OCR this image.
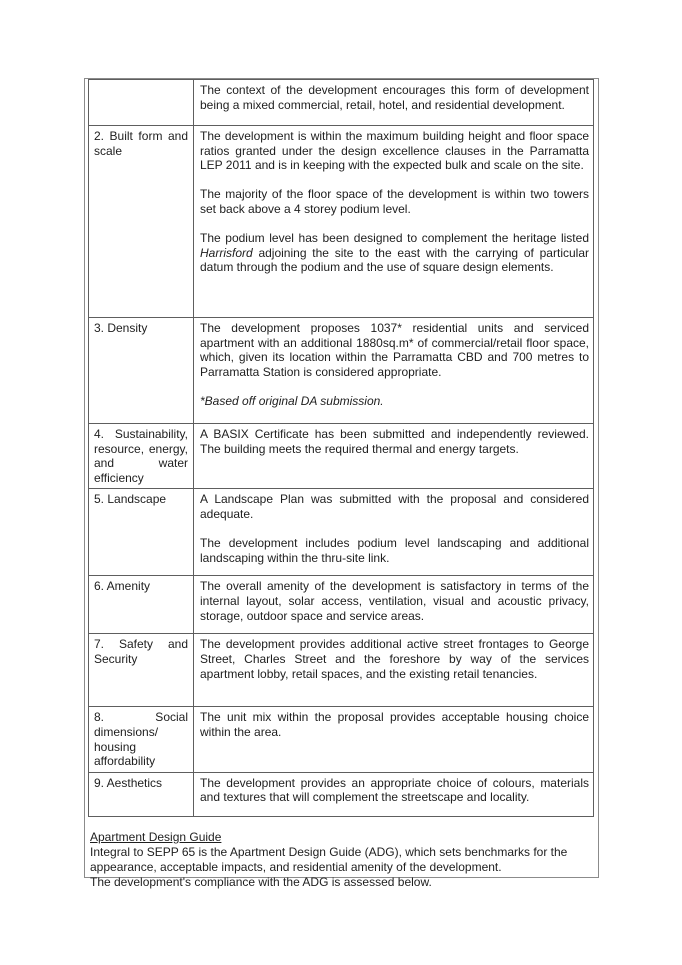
	The context of the development encourages this form of development being a mixed commercial, retail, hotel, and residential development.

2. Built form and scale	The development is within the maximum building height and floor space ratios granted under the design excellence clauses in the Parramatta LEP 2011 and is in keeping with the expected bulk and scale on the site.

The majority of the floor space of the development is within two towers set back above a 4 storey podium level.

The podium level has been designed to complement the heritage listed Harrisford adjoining the site to the east with the carrying of particular datum through the podium and the use of square design elements.

3. Density	The development proposes 1037* residential units and serviced apartment with an additional 1880sq.m* of commercial/retail floor space, which, given its location within the Parramatta CBD and 700 metres to Parramatta Station is considered appropriate.

*Based off original DA submission.

4. Sustainability, resource, energy, and water efficiency	A BASIX Certificate has been submitted and independently reviewed. The building meets the required thermal and energy targets.

5. Landscape	A Landscape Plan was submitted with the proposal and considered adequate.

The development includes podium level landscaping and additional landscaping within the thru-site link.

6. Amenity	The overall amenity of the development is satisfactory in terms of the internal layout, solar access, ventilation, visual and acoustic privacy, storage, outdoor space and service areas.

7. Safety and Security	The development provides additional active street frontages to George Street, Charles Street and the foreshore by way of the services apartment lobby, retail spaces, and the existing retail tenancies.

8. Social dimensions/ housing affordability	The unit mix within the proposal provides acceptable housing choice within the area.

9. Aesthetics	The development provides an appropriate choice of colours, materials and textures that will complement the streetscape and locality.

Apartment Design Guide

Integral to SEPP 65 is the Apartment Design Guide (ADG), which sets benchmarks for the appearance, acceptable impacts, and residential amenity of the development.

The development's compliance with the ADG is assessed below.
